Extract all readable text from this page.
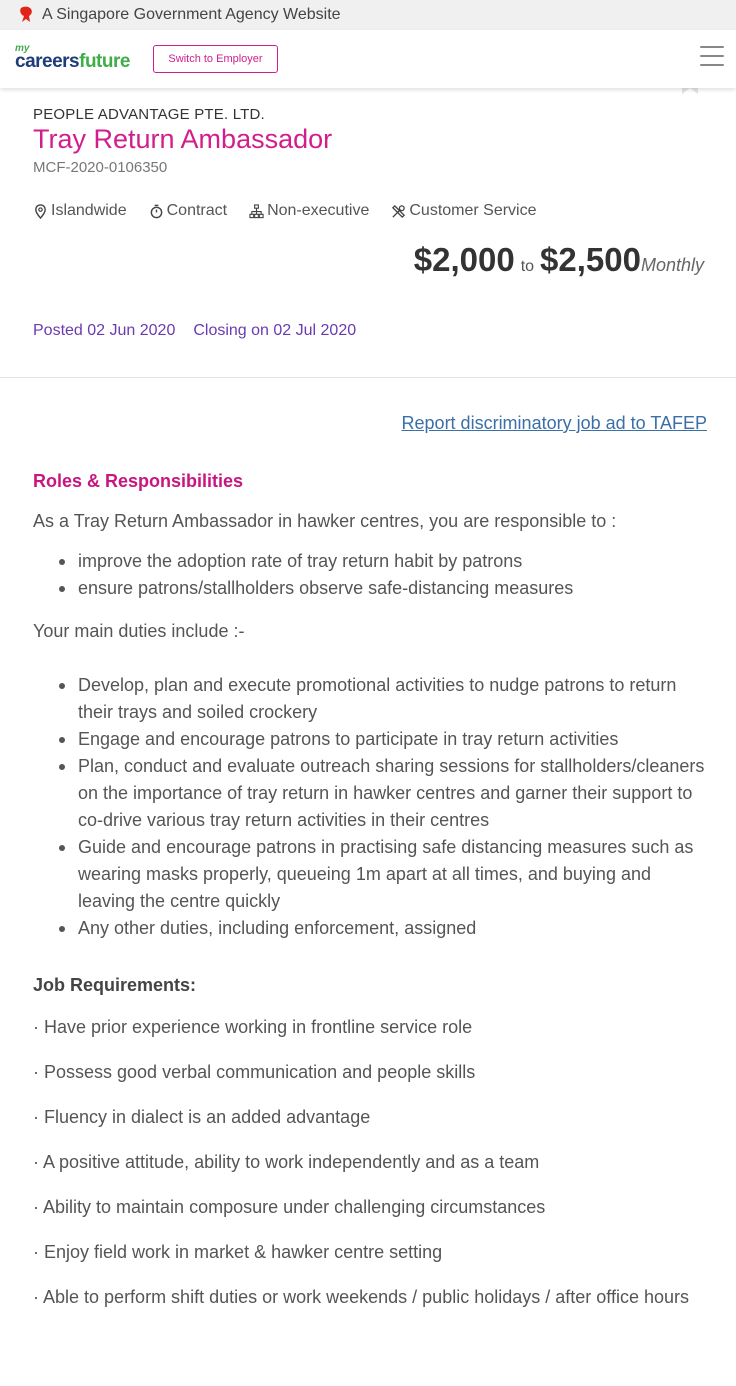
A Singapore Government Agency Website
my
careersfuture	Switch to Employer
PEOPLE ADVANTAGE PTE. LTD.
Tray Return Ambassador
MCF-2020-0106350
Islandwide	Contract	Non-executive	Customer Service
$2,000 to $2,500 Monthly
Posted 02 Jun 2020 Closing on 02 Jul 2020
Report discriminatory job ad to TAFEP
Roles & Responsibilities
As a Tray Return Ambassador in hawker centres, you are responsible to :
improve the adoption rate of tray return habit by patrons
ensure patrons/stallholders observe safe-distancing measures
Your main duties include :-
Develop, plan and execute promotional activities to nudge patrons to return their trays and soiled crockery
Engage and encourage patrons to participate in tray return activities
Plan, conduct and evaluate outreach sharing sessions for stallholders/cleaners on the importance of tray return in hawker centres and garner their support to co-drive various tray return activities in their centres
Guide and encourage patrons in practising safe distancing measures such as wearing masks properly, queueing 1m apart at all times, and buying and leaving the centre quickly
Any other duties, including enforcement, assigned
Job Requirements:
· Have prior experience working in frontline service role
· Possess good verbal communication and people skills
· Fluency in dialect is an added advantage
· A positive attitude, ability to work independently and as a team
· Ability to maintain composure under challenging circumstances
· Enjoy field work in market & hawker centre setting
· Able to perform shift duties or work weekends / public holidays / after office hours
